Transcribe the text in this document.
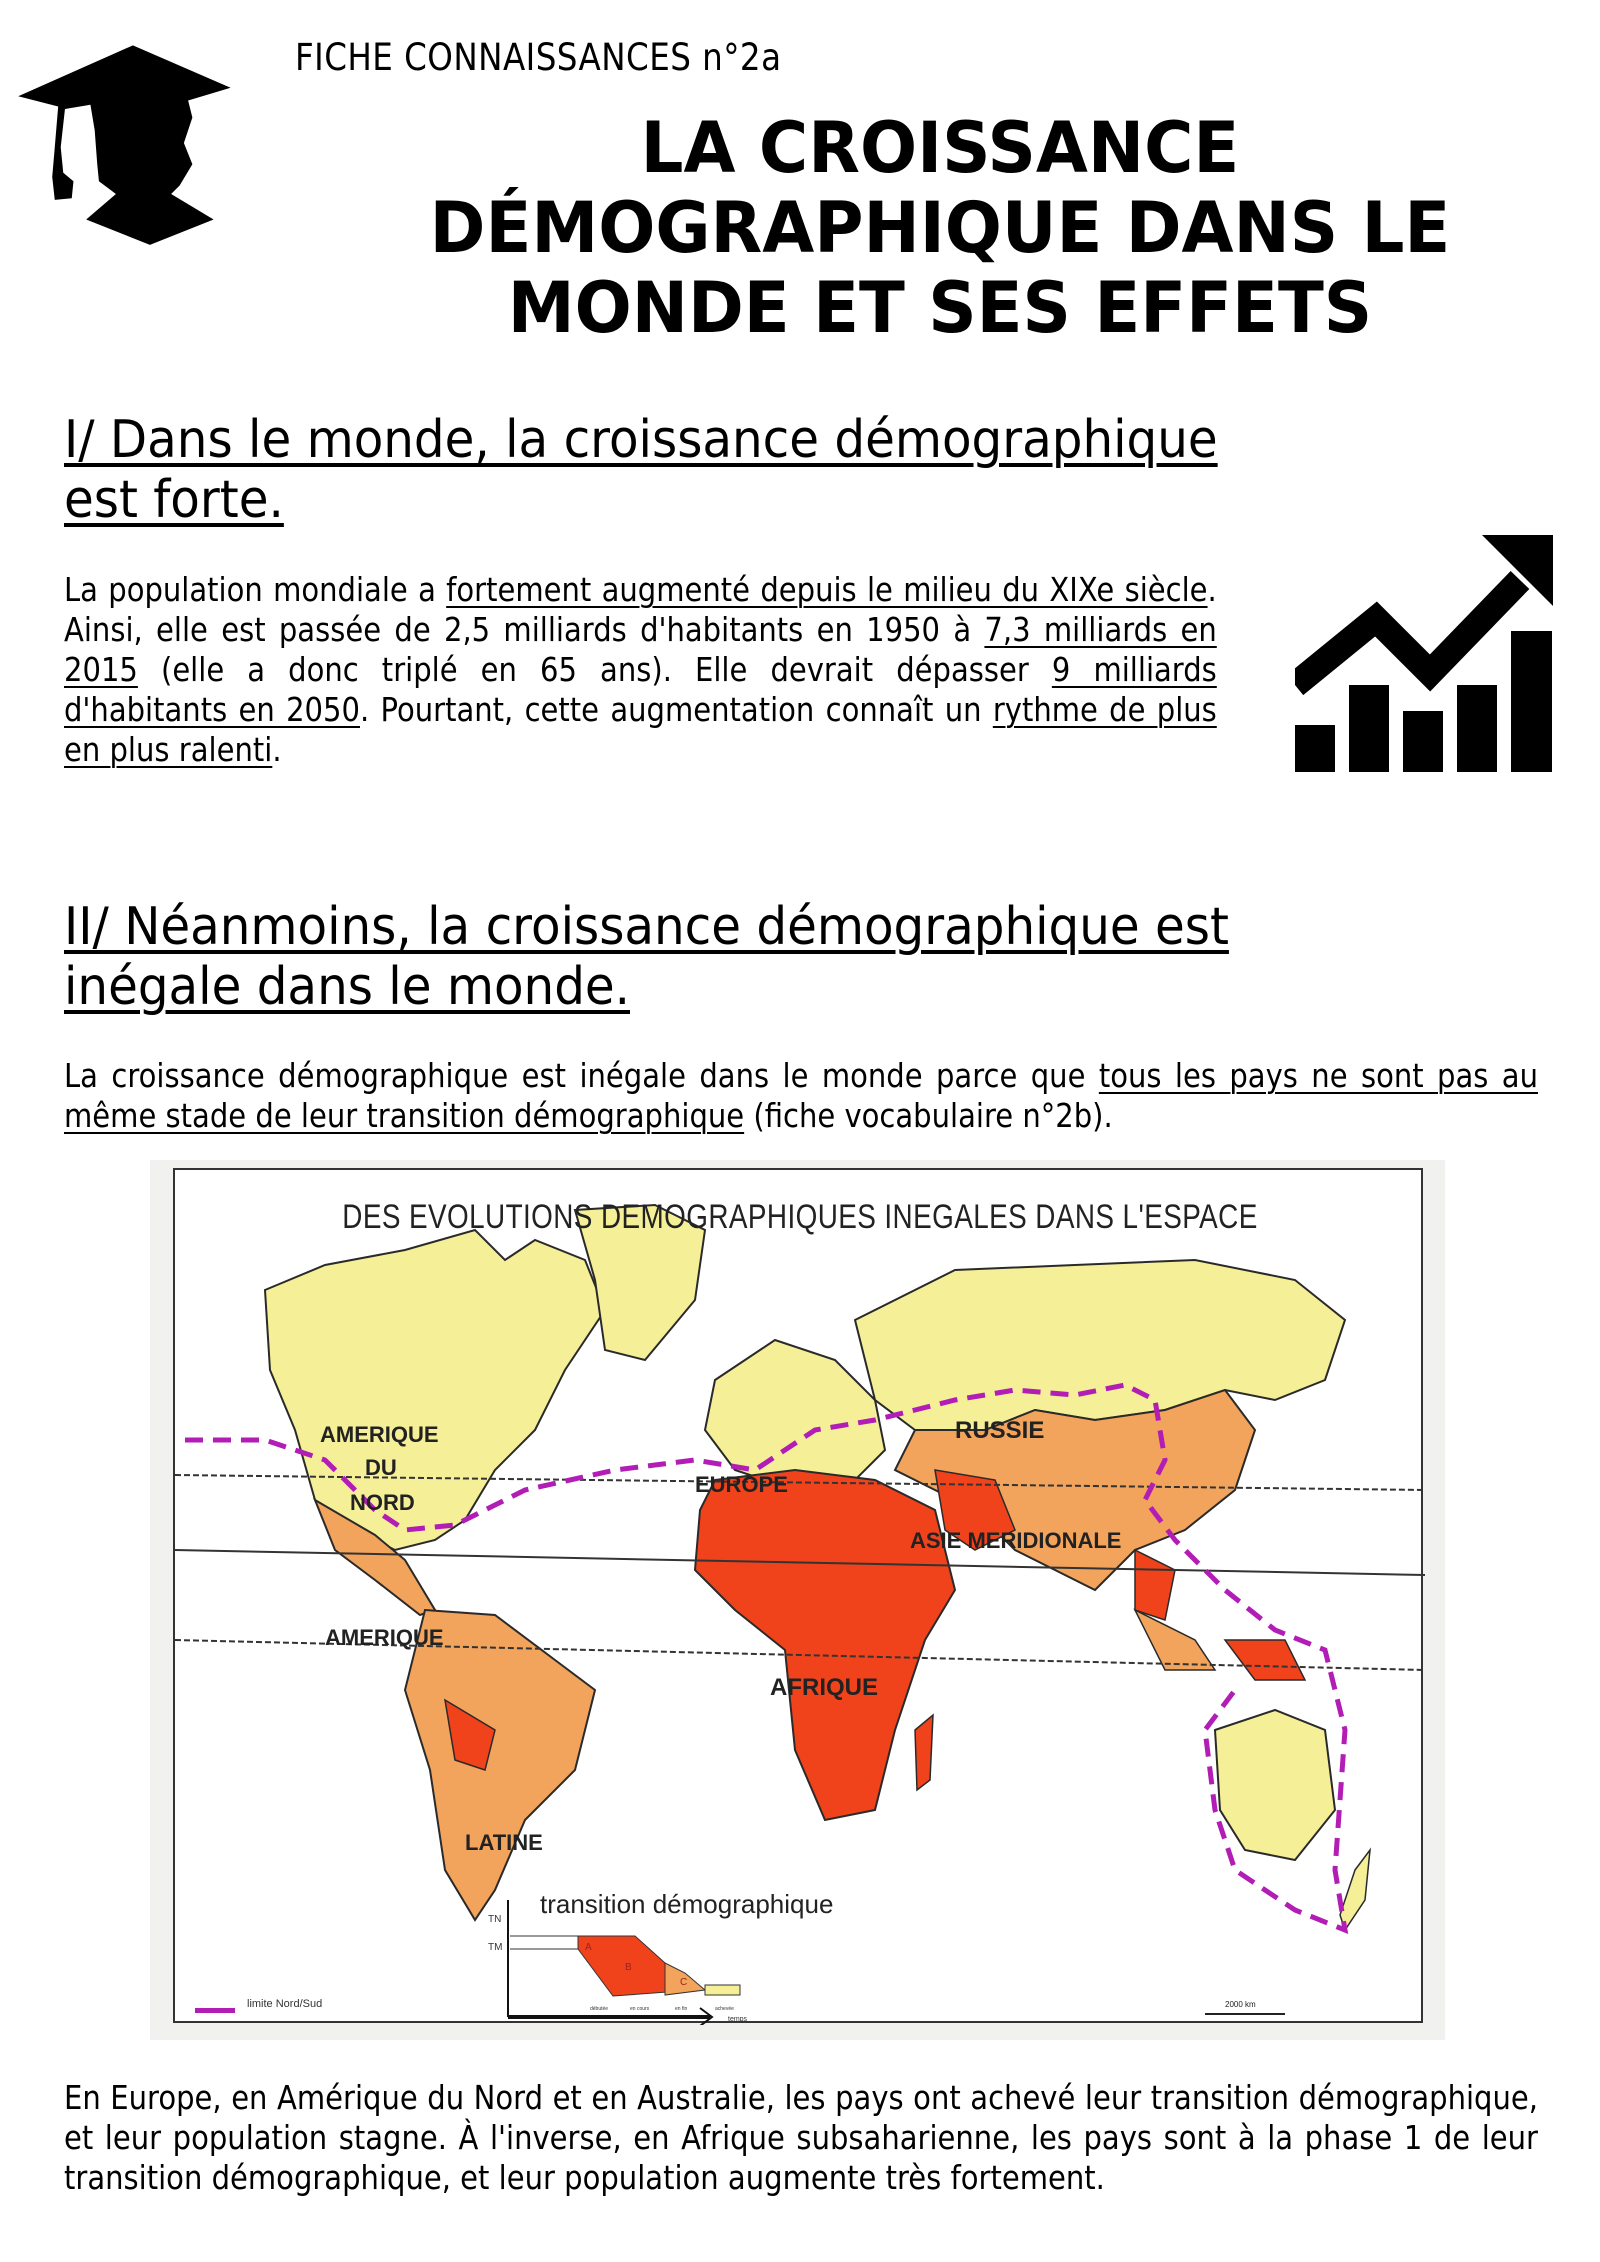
FICHE CONNAISSANCES n°2a
LA CROISSANCE
DÉMOGRAPHIQUE DANS LE
MONDE ET SES EFFETS
I/ Dans le monde, la croissance démographique
est forte.
La population mondiale a fortement augmenté depuis le milieu du XIXe siècle. Ainsi, elle est passée de 2,5 milliards d'habitants en 1950 à 7,3 milliards en 2015 (elle a donc triplé en 65 ans). Elle devrait dépasser 9 milliards d'habitants en 2050. Pourtant, cette augmentation connaît un rythme de plus en plus ralenti.
II/ Néanmoins, la croissance démographique est
inégale dans le monde.
La croissance démographique est inégale dans le monde parce que tous les pays ne sont pas au même stade de leur transition démographique (fiche vocabulaire n°2b).
AMERIQUE
DU
NORD
EUROPE
RUSSIE
ASIE MERIDIONALE
AMERIQUE
LATINE
AFRIQUE
transition démographique
TN
TM	A
B
C
débutée	en cours	en fin	achevée
temps
DES EVOLUTIONS DEMOGRAPHIQUES INEGALES DANS L'ESPACE
limite Nord/Sud	2000 km
En Europe, en Amérique du Nord et en Australie, les pays ont achevé leur transition démographique, et leur population stagne. À l'inverse, en Afrique subsaharienne, les pays sont à la phase 1 de leur transition démographique, et leur population augmente très fortement.
